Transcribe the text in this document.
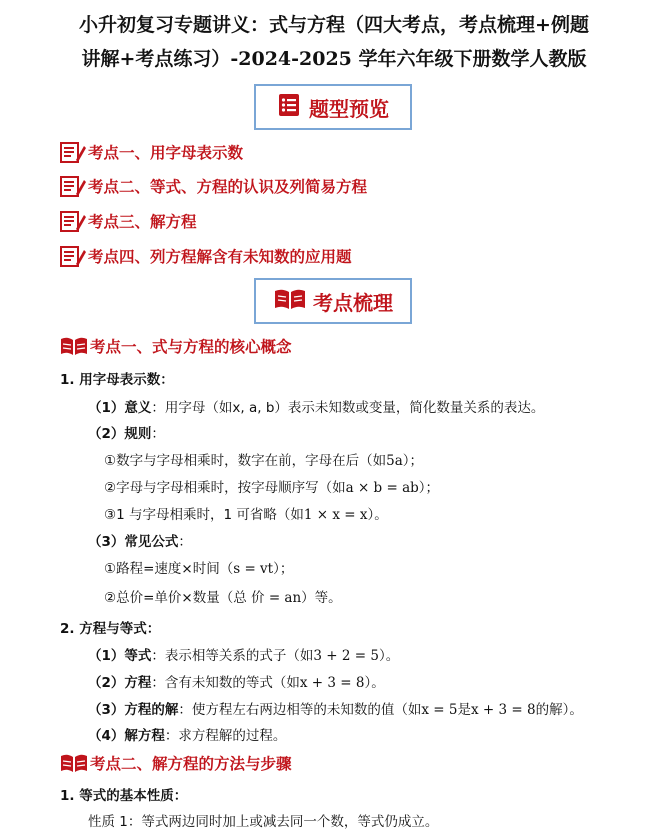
小升初复习专题讲义：式与方程（四大考点，考点梳理+例题
讲解+考点练习）-2024-2025 学年六年级下册数学人教版
题型预览
考点一、用字母表示数
考点二、等式、方程的认识及列简易方程
考点三、解方程
考点四、列方程解含有未知数的应用题
考点梳理
考点一、式与方程的核心概念
1. 用字母表示数：
（1）意义：用字母（如x, a, b）表示未知数或变量，简化数量关系的表达。
（2）规则：
①数字与字母相乘时，数字在前，字母在后（如5a）；
②字母与字母相乘时，按字母顺序写（如a × b = ab）；
③1 与字母相乘时，1 可省略（如1 × x = x）。
（3）常见公式：
①路程=速度×时间（s = vt）；
②总价=单价×数量（总 价 = an）等。
2. 方程与等式：
（1）等式：表示相等关系的式子（如3 + 2 = 5）。
（2）方程：含有未知数的等式（如x + 3 = 8）。
（3）方程的解：使方程左右两边相等的未知数的值（如x = 5是x + 3 = 8的解）。
（4）解方程：求方程解的过程。
考点二、解方程的方法与步骤
1. 等式的基本性质：
性质 1：等式两边同时加上或减去同一个数，等式仍成立。
